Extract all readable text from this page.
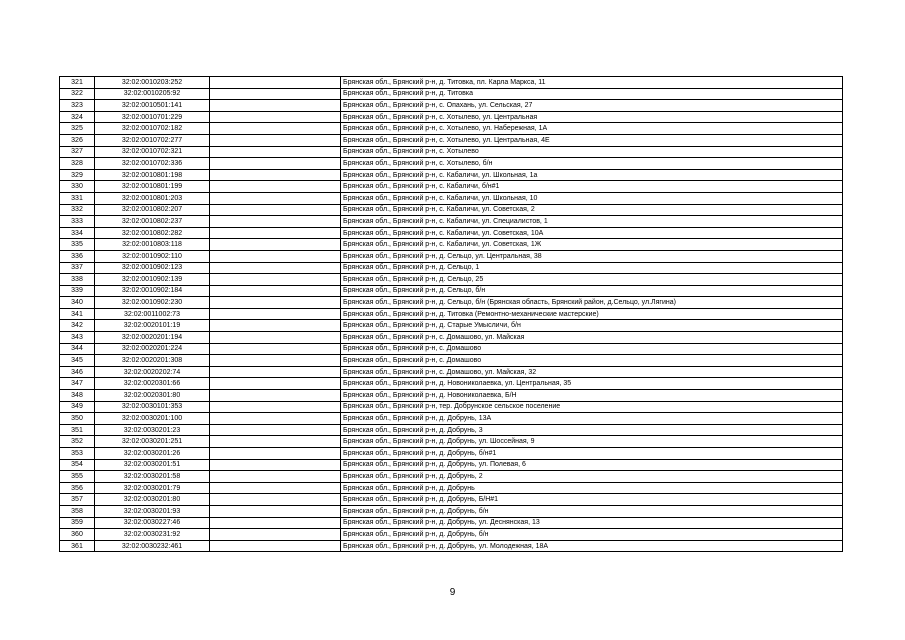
321	32:02:0010203:252		Брянская обл., Брянский р-н, д. Титовка, пл. Карла Маркса, 11
322	32:02:0010205:92		Брянская обл., Брянский р-н, д. Титовка
323	32:02:0010501:141		Брянская обл., Брянский р-н, с. Опахань, ул. Сельская, 27
324	32:02:0010701:229		Брянская обл., Брянский р-н, с. Хотылево, ул. Центральная
325	32:02:0010702:182		Брянская обл., Брянский р-н, с. Хотылево, ул. Набережная, 1А
326	32:02:0010702:277		Брянская обл., Брянский р-н, с. Хотылево, ул. Центральная, 4Е
327	32:02:0010702:321		Брянская обл., Брянский р-н, с. Хотылево
328	32:02:0010702:336		Брянская обл., Брянский р-н, с. Хотылево, б/н
329	32:02:0010801:198		Брянская обл., Брянский р-н, с. Кабаличи, ул. Школьная, 1а
330	32:02:0010801:199		Брянская обл., Брянский р-н, с. Кабаличи, б/н#1
331	32:02:0010801:203		Брянская обл., Брянский р-н, с. Кабаличи, ул. Школьная, 10
332	32:02:0010802:207		Брянская обл., Брянский р-н, с. Кабаличи, ул. Советская, 2
333	32:02:0010802:237		Брянская обл., Брянский р-н, с. Кабаличи, ул. Специалистов, 1
334	32:02:0010802:282		Брянская обл., Брянский р-н, с. Кабаличи, ул. Советская, 10А
335	32:02:0010803:118		Брянская обл., Брянский р-н, с. Кабаличи, ул. Советская, 1Ж
336	32:02:0010902:110		Брянская обл., Брянский р-н, д. Сельцо, ул. Центральная, 38
337	32:02:0010902:123		Брянская обл., Брянский р-н, д. Сельцо, 1
338	32:02:0010902:139		Брянская обл., Брянский р-н, д. Сельцо, 25
339	32:02:0010902:184		Брянская обл., Брянский р-н, д. Сельцо, б/н
340	32:02:0010902:230		Брянская обл., Брянский р-н, д. Сельцо, б/н (Брянская область, Брянский район, д.Сельцо, ул.Лягина)
341	32:02:0011002:73		Брянская обл., Брянский р-н, д. Титовка (Ремонтно-механические мастерские)
342	32:02:0020101:19		Брянская обл., Брянский р-н, д. Старые Умысличи, б/н
343	32:02:0020201:194		Брянская обл., Брянский р-н, с. Домашово, ул. Майская
344	32:02:0020201:224		Брянская обл., Брянский р-н, с. Домашово
345	32:02:0020201:308		Брянская обл., Брянский р-н, с. Домашово
346	32:02:0020202:74		Брянская обл., Брянский р-н, с. Домашово, ул. Майская, 32
347	32:02:0020301:66		Брянская обл., Брянский р-н, д. Новониколаевка, ул. Центральная, 35
348	32:02:0020301:80		Брянская обл., Брянский р-н, д. Новониколаевка, Б/Н
349	32:02:0030101:353		Брянская обл., Брянский р-н, тер. Добрунское сельское поселение
350	32:02:0030201:100		Брянская обл., Брянский р-н, д. Добрунь, 13А
351	32:02:0030201:23		Брянская обл., Брянский р-н, д. Добрунь, 3
352	32:02:0030201:251		Брянская обл., Брянский р-н, д. Добрунь, ул. Шоссейная, 9
353	32:02:0030201:26		Брянская обл., Брянский р-н, д. Добрунь, б/н#1
354	32:02:0030201:51		Брянская обл., Брянский р-н, д. Добрунь, ул. Полевая, 6
355	32:02:0030201:58		Брянская обл., Брянский р-н, д. Добрунь, 2
356	32:02:0030201:79		Брянская обл., Брянский р-н, д. Добрунь
357	32:02:0030201:80		Брянская обл., Брянский р-н, д. Добрунь, Б/Н#1
358	32:02:0030201:93		Брянская обл., Брянский р-н, д. Добрунь, б/н
359	32:02:0030227:46		Брянская обл., Брянский р-н, д. Добрунь, ул. Деснянская, 13
360	32:02:0030231:92		Брянская обл., Брянский р-н, д. Добрунь, б/н
361	32:02:0030232:461		Брянская обл., Брянский р-н, д. Добрунь, ул. Молодежная, 18А
9
